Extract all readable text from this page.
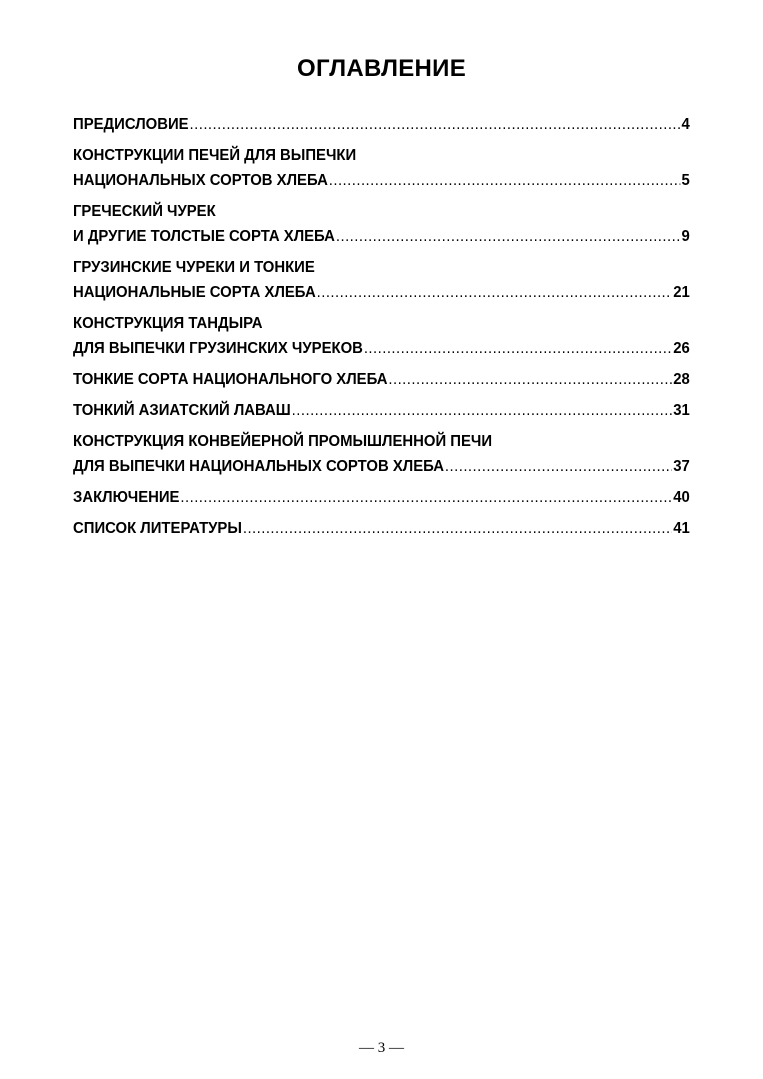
ОГЛАВЛЕНИЕ
ПРЕДИСЛОВИЕ .....	4
КОНСТРУКЦИИ ПЕЧЕЙ ДЛЯ ВЫПЕЧКИ
НАЦИОНАЛЬНЫХ СОРТОВ ХЛЕБА .....	5
ГРЕЧЕСКИЙ ЧУРЕК
И ДРУГИЕ ТОЛСТЫЕ СОРТА ХЛЕБА .....	9
ГРУЗИНСКИЕ ЧУРЕКИ И ТОНКИЕ
НАЦИОНАЛЬНЫЕ СОРТА ХЛЕБА .....	21
КОНСТРУКЦИЯ ТАНДЫРА
ДЛЯ ВЫПЕЧКИ ГРУЗИНСКИХ ЧУРЕКОВ .....	26
ТОНКИЕ СОРТА НАЦИОНАЛЬНОГО ХЛЕБА .....	28
ТОНКИЙ АЗИАТСКИЙ ЛАВАШ .....	31
КОНСТРУКЦИЯ КОНВЕЙЕРНОЙ ПРОМЫШЛЕННОЙ ПЕЧИ
ДЛЯ ВЫПЕЧКИ НАЦИОНАЛЬНЫХ СОРТОВ ХЛЕБА .....	37
ЗАКЛЮЧЕНИЕ .....	40
СПИСОК ЛИТЕРАТУРЫ .....	41
— 3 —
